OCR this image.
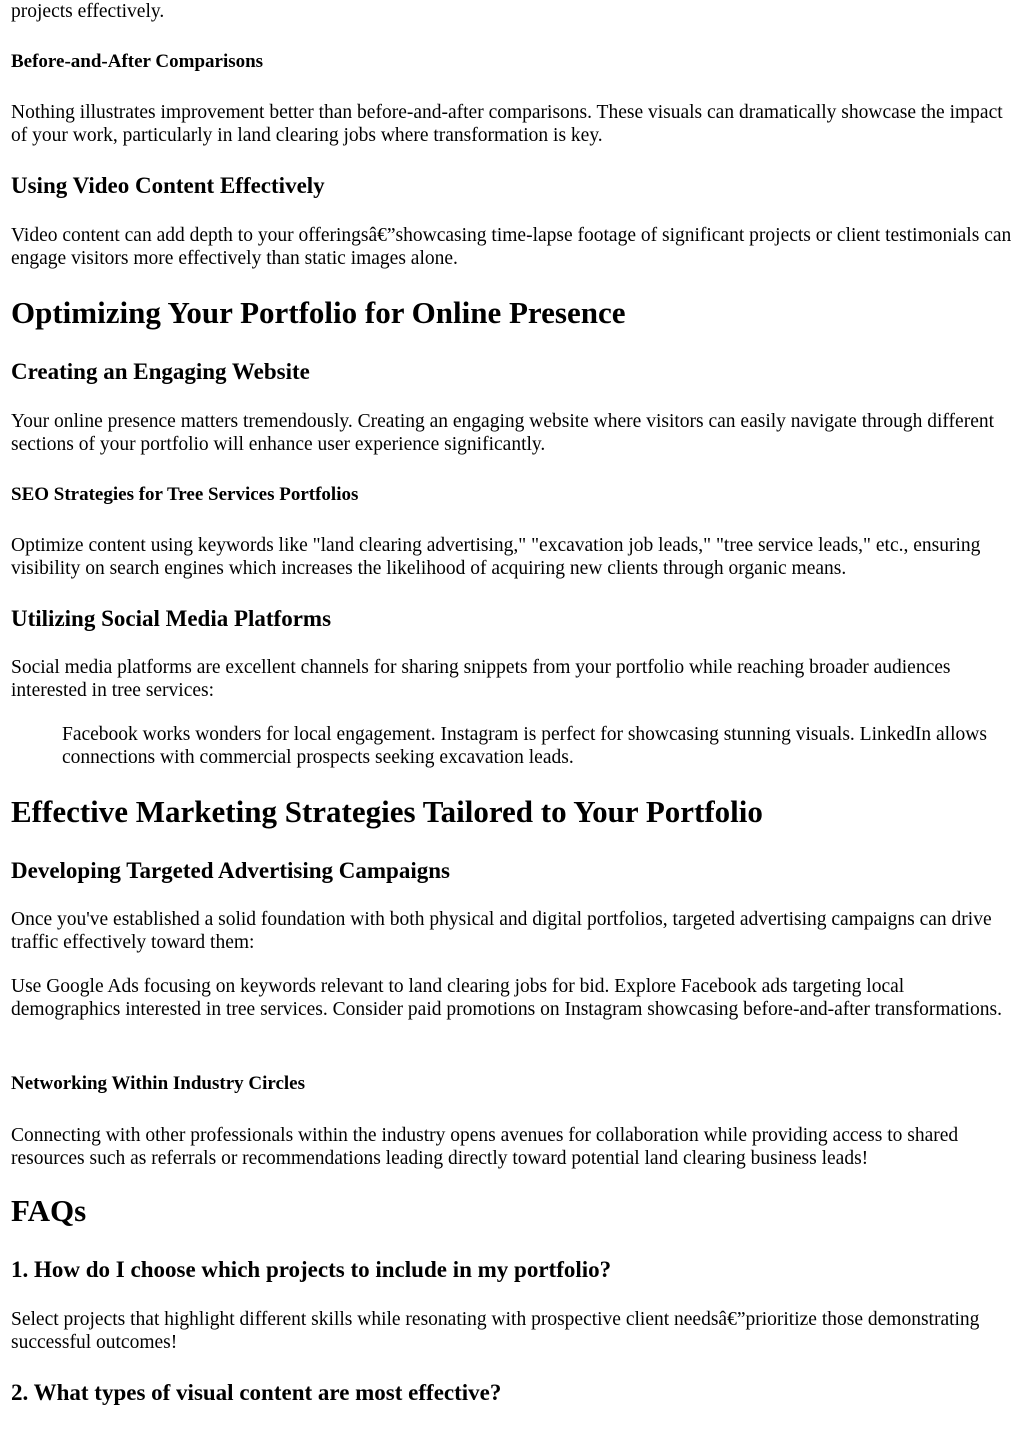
projects effectively.

Before-and-After Comparisons

Nothing illustrates improvement better than before-and-after comparisons. These visuals can dramatically showcase the impact of your work, particularly in land clearing jobs where transformation is key.

Using Video Content Effectively

Video content can add depth to your offeringsâ€”showcasing time-lapse footage of significant projects or client testimonials can engage visitors more effectively than static images alone.

Optimizing Your Portfolio for Online Presence
Creating an Engaging Website

Your online presence matters tremendously. Creating an engaging website where visitors can easily navigate through different sections of your portfolio will enhance user experience significantly.

SEO Strategies for Tree Services Portfolios

Optimize content using keywords like "land clearing advertising," "excavation job leads," "tree service leads," etc., ensuring visibility on search engines which increases the likelihood of acquiring new clients through organic means.

Utilizing Social Media Platforms

Social media platforms are excellent channels for sharing snippets from your portfolio while reaching broader audiences interested in tree services:

Facebook works wonders for local engagement. Instagram is perfect for showcasing stunning visuals. LinkedIn allows connections with commercial prospects seeking excavation leads.
Effective Marketing Strategies Tailored to Your Portfolio
Developing Targeted Advertising Campaigns

Once you've established a solid foundation with both physical and digital portfolios, targeted advertising campaigns can drive traffic effectively toward them:

Use Google Ads focusing on keywords relevant to land clearing jobs for bid. Explore Facebook ads targeting local demographics interested in tree services. Consider paid promotions on Instagram showcasing before-and-after transformations.

Networking Within Industry Circles

Connecting with other professionals within the industry opens avenues for collaboration while providing access to shared resources such as referrals or recommendations leading directly toward potential land clearing business leads!

FAQs
1. How do I choose which projects to include in my portfolio?

Select projects that highlight different skills while resonating with prospective client needsâ€”prioritize those demonstrating successful outcomes!

2. What types of visual content are most effective?
